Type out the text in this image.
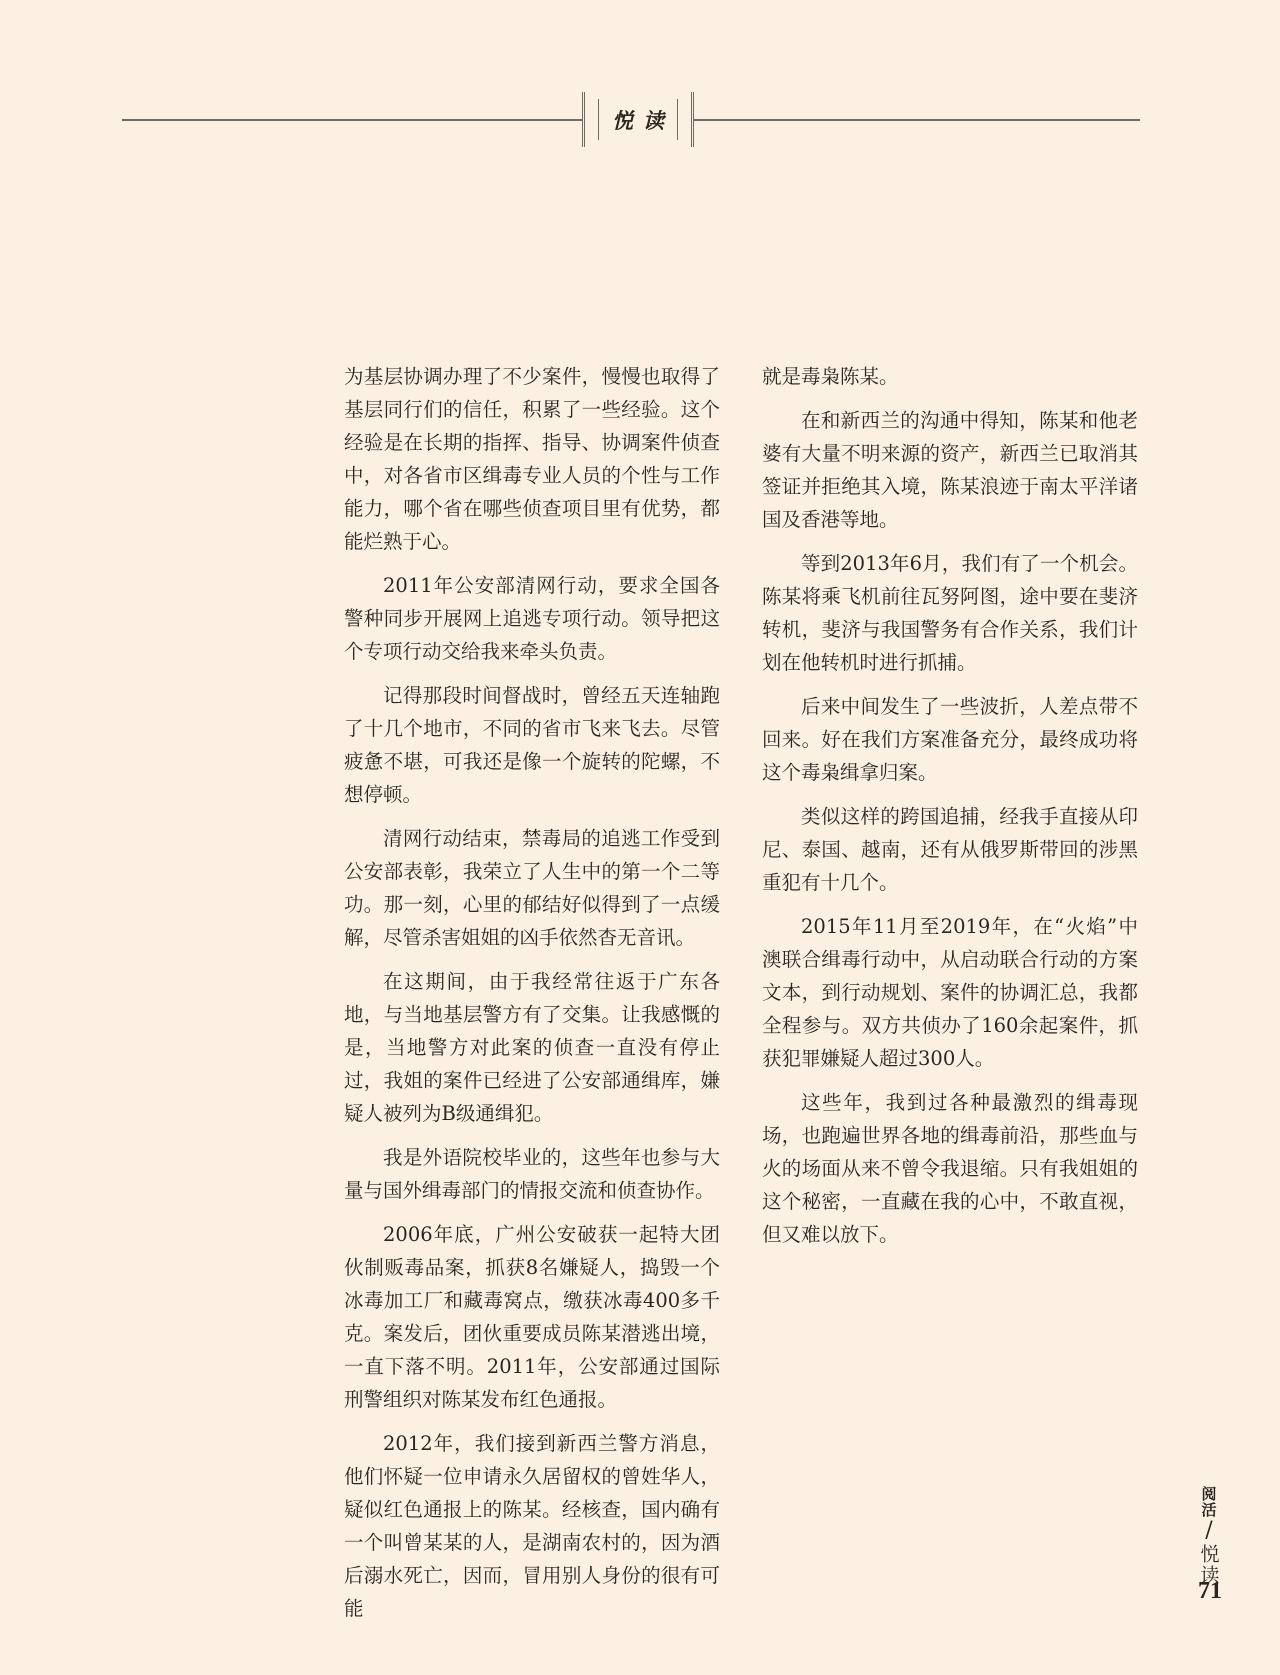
悦读

为基层协调办理了不少案件，慢慢也取得了基层同行们的信任，积累了一些经验。这个经验是在长期的指挥、指导、协调案件侦查中，对各省市区缉毒专业人员的个性与工作能力，哪个省在哪些侦查项目里有优势，都能烂熟于心。

2011年公安部清网行动，要求全国各警种同步开展网上追逃专项行动。领导把这个专项行动交给我来牵头负责。

记得那段时间督战时，曾经五天连轴跑了十几个地市，不同的省市飞来飞去。尽管疲惫不堪，可我还是像一个旋转的陀螺，不想停顿。

清网行动结束，禁毒局的追逃工作受到公安部表彰，我荣立了人生中的第一个二等功。那一刻，心里的郁结好似得到了一点缓解，尽管杀害姐姐的凶手依然杳无音讯。

在这期间，由于我经常往返于广东各地，与当地基层警方有了交集。让我感慨的是，当地警方对此案的侦查一直没有停止过，我姐的案件已经进了公安部通缉库，嫌疑人被列为B级通缉犯。

我是外语院校毕业的，这些年也参与大量与国外缉毒部门的情报交流和侦查协作。

2006年底，广州公安破获一起特大团伙制贩毒品案，抓获8名嫌疑人，捣毁一个冰毒加工厂和藏毒窝点，缴获冰毒400多千克。案发后，团伙重要成员陈某潜逃出境，一直下落不明。2011年，公安部通过国际刑警组织对陈某发布红色通报。

2012年，我们接到新西兰警方消息，他们怀疑一位申请永久居留权的曾姓华人，疑似红色通报上的陈某。经核查，国内确有一个叫曾某某的人，是湖南农村的，因为酒后溺水死亡，因而，冒用别人身份的很有可能

就是毒枭陈某。

在和新西兰的沟通中得知，陈某和他老婆有大量不明来源的资产，新西兰已取消其签证并拒绝其入境，陈某浪迹于南太平洋诸国及香港等地。

等到2013年6月，我们有了一个机会。陈某将乘飞机前往瓦努阿图，途中要在斐济转机，斐济与我国警务有合作关系，我们计划在他转机时进行抓捕。

后来中间发生了一些波折，人差点带不回来。好在我们方案准备充分，最终成功将这个毒枭缉拿归案。

类似这样的跨国追捕，经我手直接从印尼、泰国、越南，还有从俄罗斯带回的涉黑重犯有十几个。

2015年11月至2019年，在“火焰”中澳联合缉毒行动中，从启动联合行动的方案文本，到行动规划、案件的协调汇总，我都全程参与。双方共侦办了160余起案件，抓获犯罪嫌疑人超过300人。

这些年，我到过各种最激烈的缉毒现场，也跑遍世界各地的缉毒前沿，那些血与火的场面从来不曾令我退缩。只有我姐姐的这个秘密，一直藏在我的心中，不敢直视，但又难以放下。

阅活
/
悦读
71
